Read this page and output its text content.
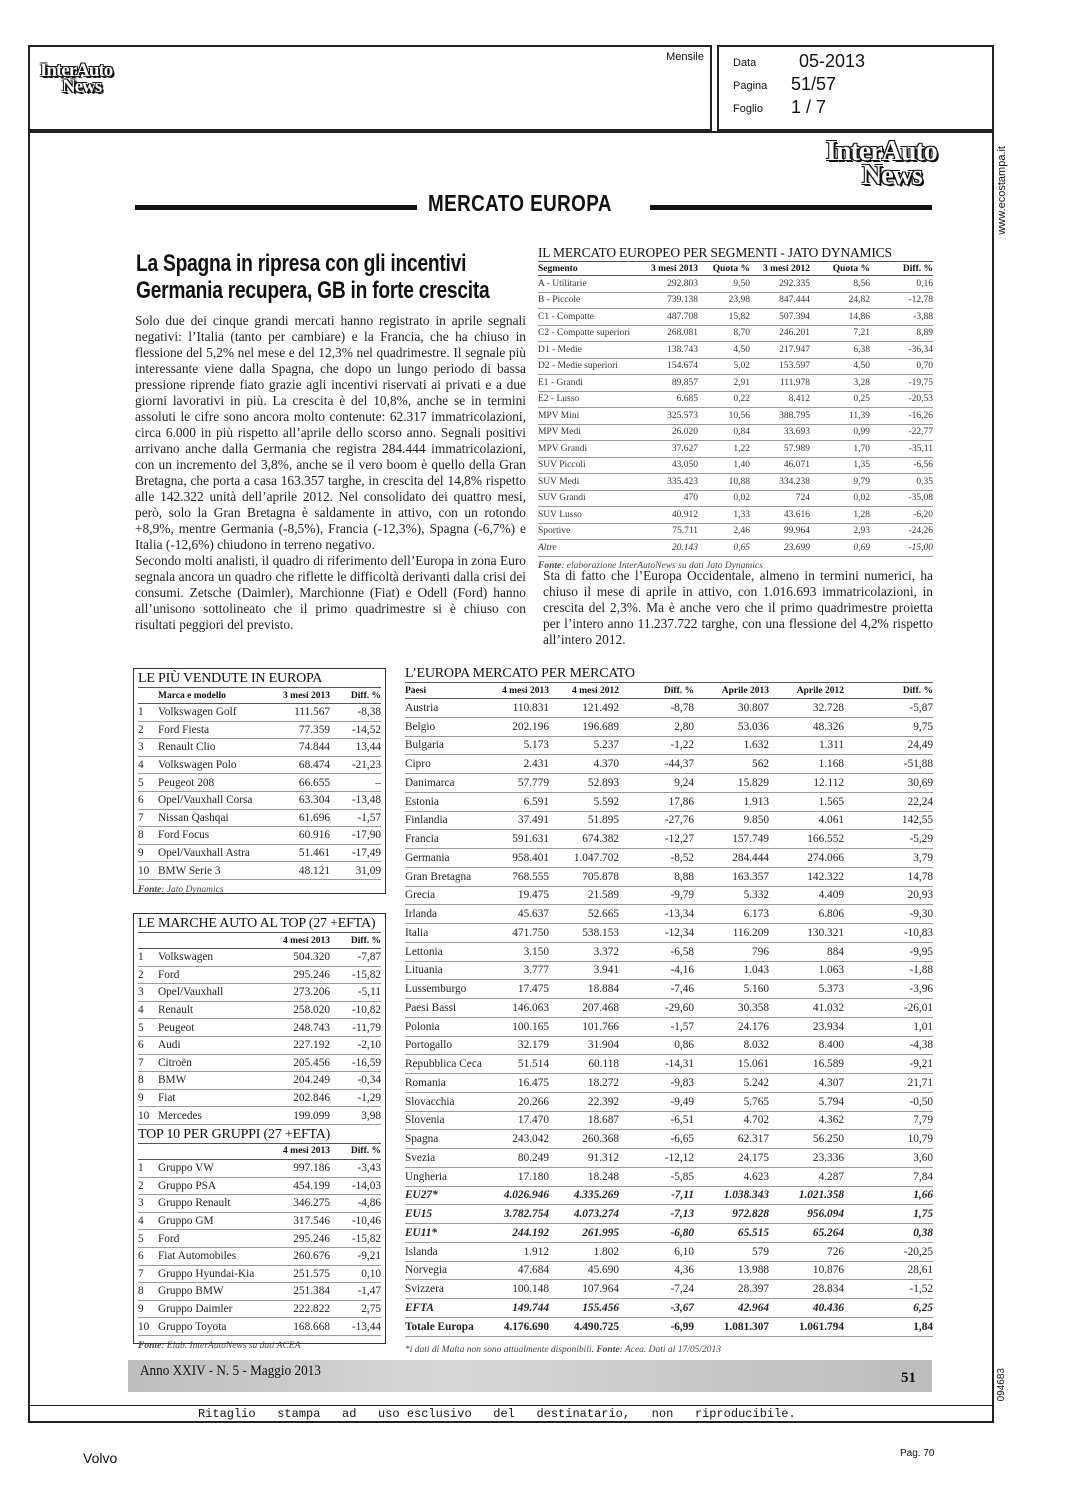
InterAuto
News
Mensile	Data 05-2013
Pagina 51/57
Foglio 1 / 7
Ritaglio   stampa   ad   uso esclusivo   del   destinatario,   non   riproducibile.
www.ecostampa.it
094683
InterAuto
News
MERCATO EUROPA
La Spagna in ripresa con gli incentivi
Germania recupera, GB in forte crescita

Solo due dei cinque grandi mercati hanno registrato in aprile segnali negativi: l’Italia (tanto per cambiare) e la Francia, che ha chiuso in flessione del 5,2% nel mese e del 12,3% nel quadrimestre. Il segnale più interessante viene dalla Spagna, che dopo un lungo periodo di bassa pressione riprende fiato grazie agli incentivi riservati ai privati e a due giorni lavorativi in più. La crescita è del 10,8%, anche se in termini assoluti le cifre sono ancora molto contenute: 62.317 immatricolazioni, circa 6.000 in più rispetto all’aprile dello scorso anno. Segnali positivi arrivano anche dalla Germania che registra 284.444 immatricolazioni, con un incremento del 3,8%, anche se il vero boom è quello della Gran Bretagna, che porta a casa 163.357 targhe, in crescita del 14,8% rispetto alle 142.322 unità dell’aprile 2012. Nel consolidato dei quattro mesi, però, solo la Gran Bretagna è saldamente in attivo, con un rotondo +8,9%, mentre Germania (-8,5%), Francia (-12,3%), Spagna (-6,7%) e Italia (-12,6%) chiudono in terreno negativo.

Secondo molti analisti, il quadro di riferimento dell’Europa in zona Euro segnala ancora un quadro che riflette le difficoltà derivanti dalla crisi dei consumi. Zetsche (Daimler), Marchionne (Fiat) e Odell (Ford) hanno all’unisono sottolineato che il primo quadrimestre si è chiuso con risultati peggiori del previsto.

Sta di fatto che l’Europa Occidentale, almeno in termini numerici, ha chiuso il mese di aprile in attivo, con 1.016.693 immatricolazioni, in crescita del 2,3%. Ma è anche vero che il primo quadrimestre proietta per l’intero anno 11.237.722 targhe, con una flessione del 4,2% rispetto all’intero 2012.

IL MERCATO EUROPEO PER SEGMENTI - JATO DYNAMICS
Segmento	3 mesi 2013	Quota %	3 mesi 2012	Quota %	Diff. %
A - Utilitarie	292.803	9,50	292.335	8,56	0,16
B - Piccole	739.138	23,98	847.444	24,82	-12,78
C1 - Compatte	487.708	15,82	507.394	14,86	-3,88
C2 - Compatte superiori	268.081	8,70	246.201	7,21	8,89
D1 - Medie	138.743	4,50	217.947	6,38	-36,34
D2 - Medie superiori	154.674	5,02	153.597	4,50	0,70
E1 - Grandi	89.857	2,91	111.978	3,28	-19,75
E2 - Lusso	6.685	0,22	8.412	0,25	-20,53
MPV Mini	325.573	10,56	388.795	11,39	-16,26
MPV Medi	26.020	0,84	33.693	0,99	-22,77
MPV Grandi	37.627	1,22	57.989	1,70	-35,11
SUV Piccoli	43.050	1,40	46.071	1,35	-6,56
SUV Medi	335.423	10,88	334.238	9,79	0,35
SUV Grandi	470	0,02	724	0,02	-35,08
SUV Lusso	40.912	1,33	43.616	1,28	-6,20
Sportive	75.711	2,46	99.964	2,93	-24,26
Altre	20.143	0,65	23.699	0,69	-15,00
Fonte: elaborazione InterAutoNews su dati Jato Dynamics
LE PIÙ VENDUTE IN EUROPA
	Marca e modello	3 mesi 2013	Diff. %
1	Volkswagen Golf	111.567	-8,38
2	Ford Fiesta	77.359	-14,52
3	Renault Clio	74.844	13,44
4	Volkswagen Polo	68.474	-21,23
5	Peugeot 208	66.655	–
6	Opel/Vauxhall Corsa	63.304	-13,48
7	Nissan Qashqai	61.696	-1,57
8	Ford Focus	60.916	-17,90
9	Opel/Vauxhall Astra	51.461	-17,49
10	BMW Serie 3	48.121	31,09
Fonte: Jato Dynamics
LE MARCHE AUTO AL TOP (27 +EFTA)
		4 mesi 2013	Diff. %
1	Volkswagen	504.320	-7,87
2	Ford	295.246	-15,82
3	Opel/Vauxhall	273.206	-5,11
4	Renault	258.020	-10,82
5	Peugeot	248.743	-11,79
6	Audi	227.192	-2,10
7	Citroën	205.456	-16,59
8	BMW	204.249	-0,34
9	Fiat	202.846	-1,29
10	Mercedes	199.099	3,98
TOP 10 PER GRUPPI (27 +EFTA)
		4 mesi 2013	Diff. %
1	Gruppo VW	997.186	-3,43
2	Gruppo PSA	454.199	-14,03
3	Gruppo Renault	346.275	-4,86
4	Gruppo GM	317.546	-10,46
5	Ford	295.246	-15,82
6	Fiat Automobiles	260.676	-9,21
7	Gruppo Hyundai-Kia	251.575	0,10
8	Gruppo BMW	251.384	-1,47
9	Gruppo Daimler	222.822	2,75
10	Gruppo Toyota	168.668	-13,44
Fonte: Elab. InterAutoNews su dati ACEA
L’EUROPA MERCATO PER MERCATO
Paesi	4 mesi 2013	4 mesi 2012	Diff. %	Aprile 2013	Aprile 2012	Diff. %
Austria	110.831	121.492	-8,78	30.807	32.728	-5,87
Belgio	202.196	196.689	2,80	53.036	48.326	9,75
Bulgaria	5.173	5.237	-1,22	1.632	1.311	24,49
Cipro	2.431	4.370	-44,37	562	1.168	-51,88
Danimarca	57.779	52.893	9,24	15.829	12.112	30,69
Estonia	6.591	5.592	17,86	1.913	1.565	22,24
Finlandia	37.491	51.895	-27,76	9.850	4.061	142,55
Francia	591.631	674.382	-12,27	157.749	166.552	-5,29
Germania	958.401	1.047.702	-8,52	284.444	274.066	3,79
Gran Bretagna	768.555	705.878	8,88	163.357	142.322	14,78
Grecia	19.475	21.589	-9,79	5.332	4.409	20,93
Irlanda	45.637	52.665	-13,34	6.173	6.806	-9,30
Italia	471.750	538.153	-12,34	116.209	130.321	-10,83
Lettonia	3.150	3.372	-6,58	796	884	-9,95
Lituania	3.777	3.941	-4,16	1.043	1.063	-1,88
Lussemburgo	17.475	18.884	-7,46	5.160	5.373	-3,96
Paesi Bassi	146.063	207.468	-29,60	30.358	41.032	-26,01
Polonia	100.165	101.766	-1,57	24.176	23.934	1,01
Portogallo	32.179	31.904	0,86	8.032	8.400	-4,38
Repubblica Ceca	51.514	60.118	-14,31	15.061	16.589	-9,21
Romania	16.475	18.272	-9,83	5.242	4.307	21,71
Slovacchia	20.266	22.392	-9,49	5.765	5.794	-0,50
Slovenia	17.470	18.687	-6,51	4.702	4.362	7,79
Spagna	243.042	260.368	-6,65	62.317	56.250	10,79
Svezia	80.249	91.312	-12,12	24.175	23.336	3,60
Ungheria	17.180	18.248	-5,85	4.623	4.287	7,84
EU27*	4.026.946	4.335.269	-7,11	1.038.343	1.021.358	1,66
EU15	3.782.754	4.073.274	-7,13	972.828	956.094	1,75
EU11*	244.192	261.995	-6,80	65.515	65.264	0,38
Islanda	1.912	1.802	6,10	579	726	-20,25
Norvegia	47.684	45.690	4,36	13.988	10.876	28,61
Svizzera	100.148	107.964	-7,24	28.397	28.834	-1,52
EFTA	149.744	155.456	-3,67	42.964	40.436	6,25
Totale Europa	4.176.690	4.490.725	-6,99	1.081.307	1.061.794	1,84
*i dati di Malta non sono attualmente disponibili. Fonte: Acea. Dati al 17/05/2013
Anno XXIV - N. 5 - Maggio 2013	51
Volvo	Pag. 70
